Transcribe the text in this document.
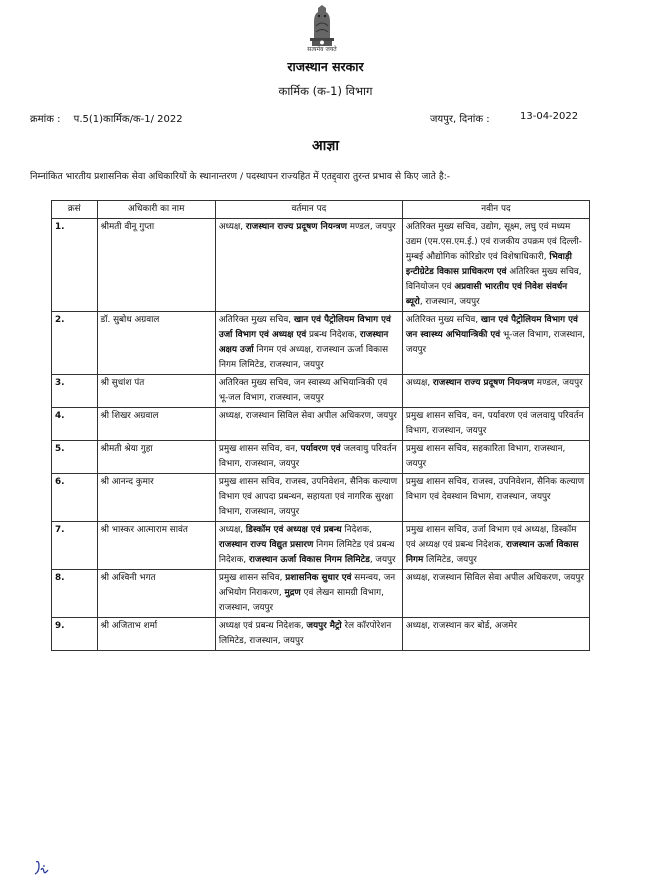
सत्यमेव जयते
राजस्थान सरकार
कार्मिक (क-1) विभाग
क्रमांक : प.5(1)कार्मिक/क-1/ 2022	जयपुर, दिनांक :	13-04-2022
आज्ञा
निम्नांकित भारतीय प्रशासनिक सेवा अधिकारियों के स्थानान्तरण / पदस्थापन राज्यहित में एतद्द्वारा तुरन्त प्रभाव से किए जाते है:-
क्रसं	अधिकारी का नाम	वर्तमान पद	नवीन पद
1.	श्रीमती वीनू गुप्ता	अध्यक्ष, राजस्थान राज्य प्रदूषण नियन्त्रण मण्डल, जयपुर	अतिरिक्त मुख्य सचिव, उद्योग, सूक्ष्म, लघु एवं मध्यम उद्यम (एम.एस.एम.ई.) एवं राजकीय उपक्रम एवं दिल्ली-मुम्बई औद्योगिक कोरिडोर एवं विशेषाधिकारी, भिवाड़ी इन्टीग्रेटेड विकास प्राधिकरण एवं अतिरिक्त मुख्य सचिव, विनियोजन एवं अप्रवासी भारतीय एवं निवेश संवर्धन ब्यूरो, राजस्थान, जयपुर
2.	डॉ. सुबोध अग्रवाल	अतिरिक्त मुख्य सचिव, खान एवं पैट्रोलियम विभाग एवं उर्जा विभाग एवं अध्यक्ष एवं प्रबन्ध निदेशक, राजस्थान अक्षय उर्जा निगम एवं अध्यक्ष, राजस्थान ऊर्जा विकास निगम लिमिटेड, राजस्थान, जयपुर	अतिरिक्त मुख्य सचिव, खान एवं पैट्रोलियम विभाग एवं जन स्वास्थ्य अभियान्त्रिकी एवं भू-जल विभाग, राजस्थान, जयपुर
3.	श्री सुधांश पंत	अतिरिक्त मुख्य सचिव, जन स्वास्थ्य अभियान्त्रिकी एवं भू-जल विभाग, राजस्थान, जयपुर	अध्यक्ष, राजस्थान राज्य प्रदूषण नियन्त्रण मण्डल, जयपुर
4.	श्री शिखर अग्रवाल	अध्यक्ष, राजस्थान सिविल सेवा अपील अधिकरण, जयपुर	प्रमुख शासन सचिव, वन, पर्यावरण एवं जलवायु परिवर्तन विभाग, राजस्थान, जयपुर
5.	श्रीमती श्रेया गुहा	प्रमुख शासन सचिव, वन, पर्यावरण एवं जलवायु परिवर्तन विभाग, राजस्थान, जयपुर	प्रमुख शासन सचिव, सहकारिता विभाग, राजस्थान, जयपुर
6.	श्री आनन्द कुमार	प्रमुख शासन सचिव, राजस्व, उपनिवेशन, सैनिक कल्याण विभाग एवं आपदा प्रबन्धन, सहायता एवं नागरिक सुरक्षा विभाग, राजस्थान, जयपुर	प्रमुख शासन सचिव, राजस्व, उपनिवेशन, सैनिक कल्याण विभाग एवं देवस्थान विभाग, राजस्थान, जयपुर
7.	श्री भास्कर आत्माराम सावंत	अध्यक्ष, डिस्कॉम एवं अध्यक्ष एवं प्रबन्ध निदेशक, राजस्थान राज्य विद्युत प्रसारण निगम लिमिटेड एवं प्रबन्ध निदेशक, राजस्थान ऊर्जा विकास निगम लिमिटेड, जयपुर	प्रमुख शासन सचिव, उर्जा विभाग एवं अध्यक्ष, डिस्कॉम एवं अध्यक्ष एवं प्रबन्ध निदेशक, राजस्थान ऊर्जा विकास निगम लिमिटेड, जयपुर
8.	श्री अश्विनी भगत	प्रमुख शासन सचिव, प्रशासनिक सुधार एवं समन्वय, जन अभियोग निराकरण, मुद्रण एवं लेखन सामग्री विभाग, राजस्थान, जयपुर	अध्यक्ष, राजस्थान सिविल सेवा अपील अधिकरण, जयपुर
9.	श्री अजिताभ शर्मा	अध्यक्ष एवं प्रबन्ध निदेशक, जयपुर मैट्रो रेल कॉरपोरेशन लिमिटेड, राजस्थान, जयपुर	अध्यक्ष, राजस्थान कर बोर्ड, अजमेर
